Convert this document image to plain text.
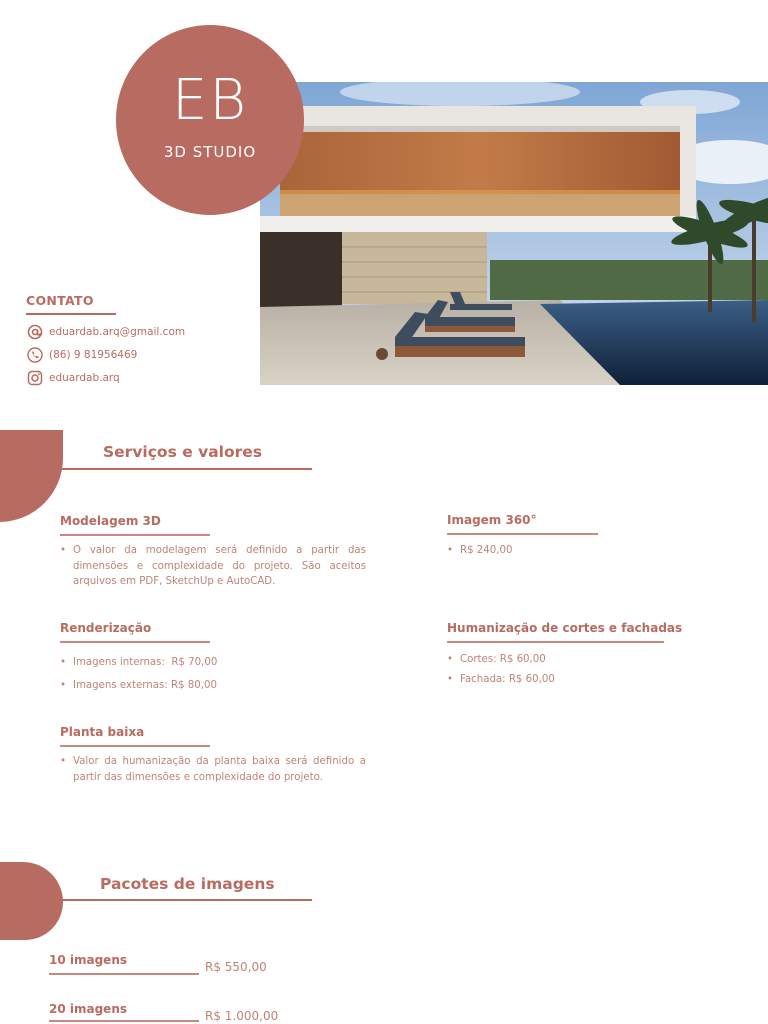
EB
3D STUDIO
CONTATO
eduardab.arq@gmail.com
(86) 9 81956469
eduardab.arq
Serviços e valores
Modelagem 3D
• O valor da modelagem será definido a partir das dimensões e complexidade do projeto. São aceitos arquivos em PDF, SketchUp e AutoCAD.
Imagem 360°
• R$ 240,00
Renderização
• Imagens internas:  R$ 70,00
• Imagens externas: R$ 80,00
Humanização de cortes e fachadas
• Cortes: R$ 60,00
• Fachada: R$ 60,00
Planta baixa
• Valor da humanização da planta baixa será definido a partir das dimensões e complexidade do projeto.
Pacotes de imagens
10 imagens	R$ 550,00
20 imagens	R$ 1.000,00
